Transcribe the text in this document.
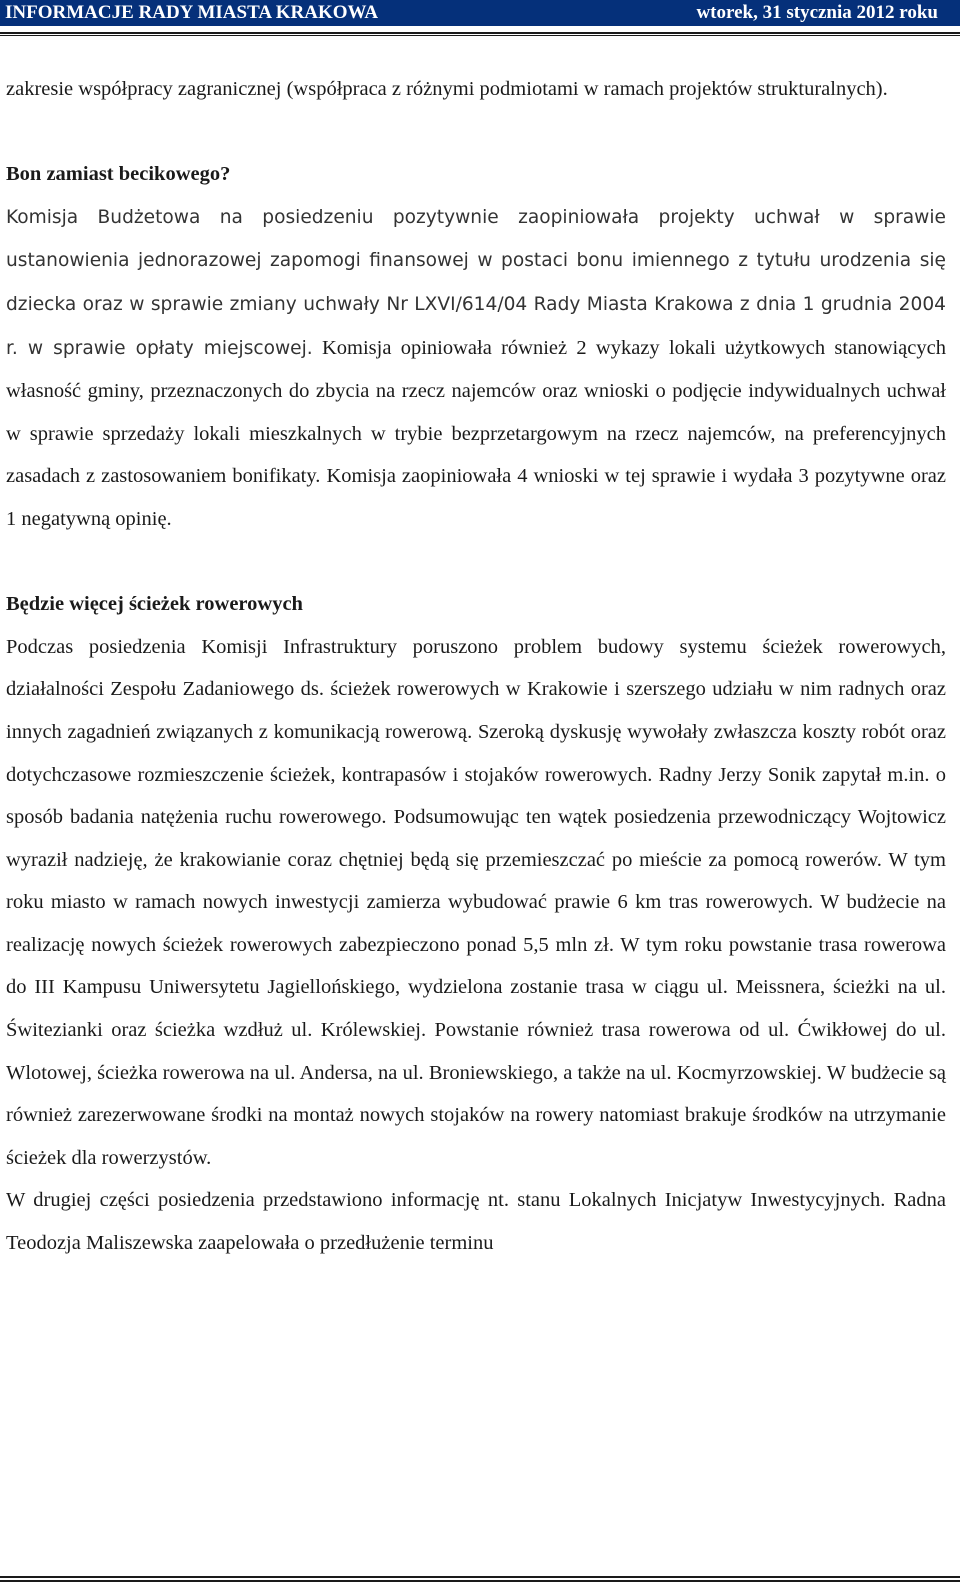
INFORMACJE RADY MIASTA KRAKOWA	wtorek, 31 stycznia 2012 roku

zakresie współpracy zagranicznej (współpraca z różnymi podmiotami w ramach projektów strukturalnych).

Bon zamiast becikowego?

Komisja Budżetowa na posiedzeniu pozytywnie zaopiniowała projekty uchwał w sprawie ustanowienia jednorazowej zapomogi finansowej w postaci bonu imiennego z tytułu urodzenia się dziecka oraz w sprawie zmiany uchwały Nr LXVI/614/04 Rady Miasta Krakowa z dnia 1 grudnia 2004 r. w sprawie opłaty miejscowej. Komisja opiniowała również 2 wykazy lokali użytkowych stanowiących własność gminy, przeznaczonych do zbycia na rzecz najemców oraz wnioski o podjęcie indywidualnych uchwał w sprawie sprzedaży lokali mieszkalnych w trybie bezprzetargowym na rzecz najemców, na preferencyjnych zasadach z zastosowaniem bonifikaty. Komisja zaopiniowała 4 wnioski w tej sprawie i wydała 3 pozytywne oraz 1 negatywną opinię.

Będzie więcej ścieżek rowerowych

Podczas posiedzenia Komisji Infrastruktury poruszono problem budowy systemu ścieżek rowerowych, działalności Zespołu Zadaniowego ds. ścieżek rowerowych w Krakowie i szerszego udziału w nim radnych oraz innych zagadnień związanych z komunikacją rowerową. Szeroką dyskusję wywołały zwłaszcza koszty robót oraz dotychczasowe rozmieszczenie ścieżek, kontrapasów i stojaków rowerowych. Radny Jerzy Sonik zapytał m.in. o sposób badania natężenia ruchu rowerowego. Podsumowując ten wątek posiedzenia przewodniczący Wojtowicz wyraził nadzieję, że krakowianie coraz chętniej będą się przemieszczać po mieście za pomocą rowerów. W tym roku miasto w ramach nowych inwestycji zamierza wybudować prawie 6 km tras rowerowych. W budżecie na realizację nowych ścieżek rowerowych zabezpieczono ponad 5,5 mln zł. W tym roku powstanie trasa rowerowa do III Kampusu Uniwersytetu Jagiellońskiego, wydzielona zostanie trasa w ciągu ul. Meissnera, ścieżki na ul. Świtezianki oraz ścieżka wzdłuż ul. Królewskiej. Powstanie również trasa rowerowa od ul. Ćwikłowej do ul. Wlotowej, ścieżka rowerowa na ul. Andersa, na ul. Broniewskiego, a także na ul. Kocmyrzowskiej. W budżecie są również zarezerwowane środki na montaż nowych stojaków na rowery natomiast brakuje środków na utrzymanie ścieżek dla rowerzystów.

W drugiej części posiedzenia przedstawiono informację nt. stanu Lokalnych Inicjatyw Inwestycyjnych. Radna Teodozja Maliszewska zaapelowała o przedłużenie terminu
